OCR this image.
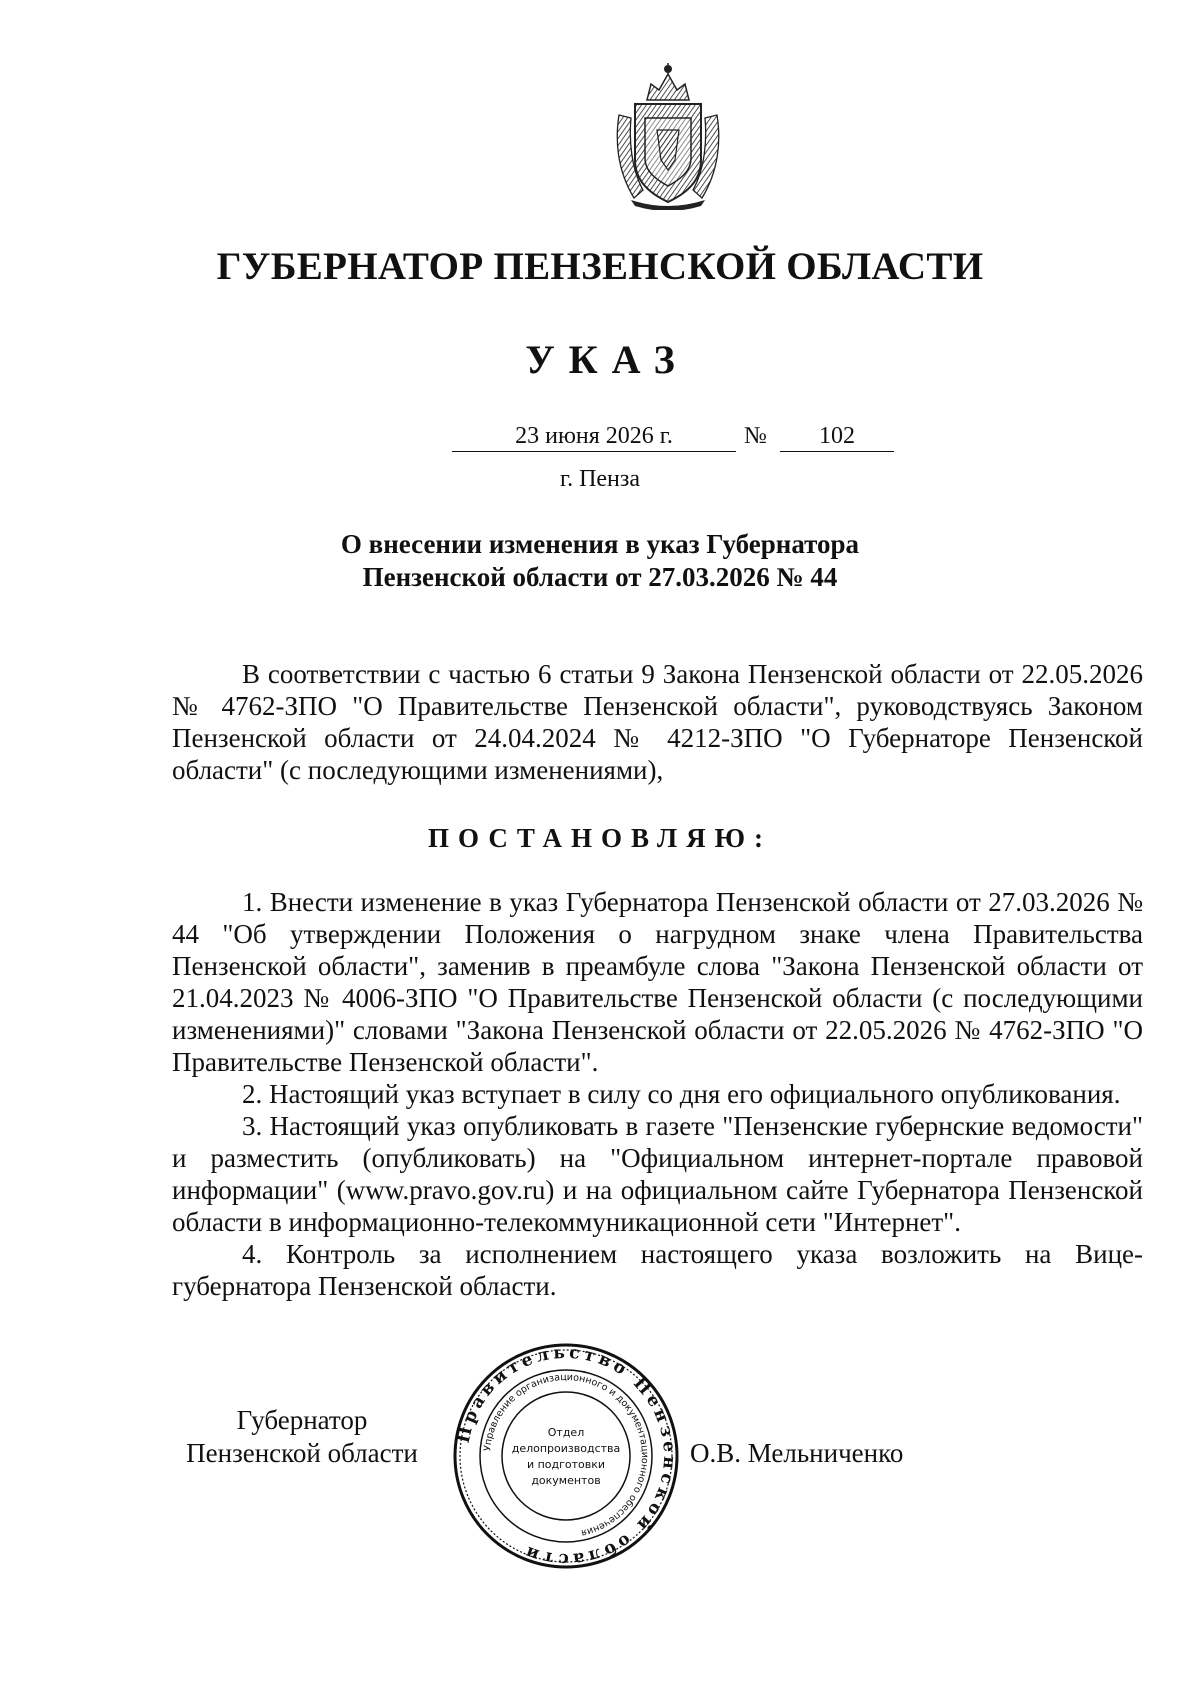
ГУБЕРНАТОР ПЕНЗЕНСКОЙ ОБЛАСТИ
УКАЗ
23 июня 2026 г.	№	102
г. Пенза
О внесении изменения в указ Губернатора
Пензенской области от 27.03.2026 № 44

В соответствии с частью 6 статьи 9 Закона Пензенской области от 22.05.2026 № 4762-ЗПО "О Правительстве Пензенской области", руководствуясь Законом Пензенской области от 24.04.2024 № 4212-ЗПО "О Губернаторе Пензенской области" (с последующими изменениями),

ПОСТАНОВЛЯЮ:

1. Внести изменение в указ Губернатора Пензенской области от 27.03.2026 № 44 "Об утверждении Положения о нагрудном знаке члена Правительства Пензенской области", заменив в преамбуле слова "Закона Пензенской области от 21.04.2023 № 4006-ЗПО "О Правительстве Пензенской области (с последующими изменениями)" словами "Закона Пензенской области от 22.05.2026 № 4762-ЗПО "О Правительстве Пензенской области".

2. Настоящий указ вступает в силу со дня его официального опубликования.

3. Настоящий указ опубликовать в газете "Пензенские губернские ведомости" и разместить (опубликовать) на "Официальном интернет-портале правовой информации" (www.pravo.gov.ru) и на официальном сайте Губернатора Пензенской области в информационно-телекоммуникационной сети "Интернет".

4. Контроль за исполнением настоящего указа возложить на Вице-губернатора Пензенской области.

Губернатор
Пензенской области
Правительство Пензенской области
Управление организационного и документационного обеспечения
Отдел
делопроизводства
и подготовки
документов
О.В. Мельниченко
